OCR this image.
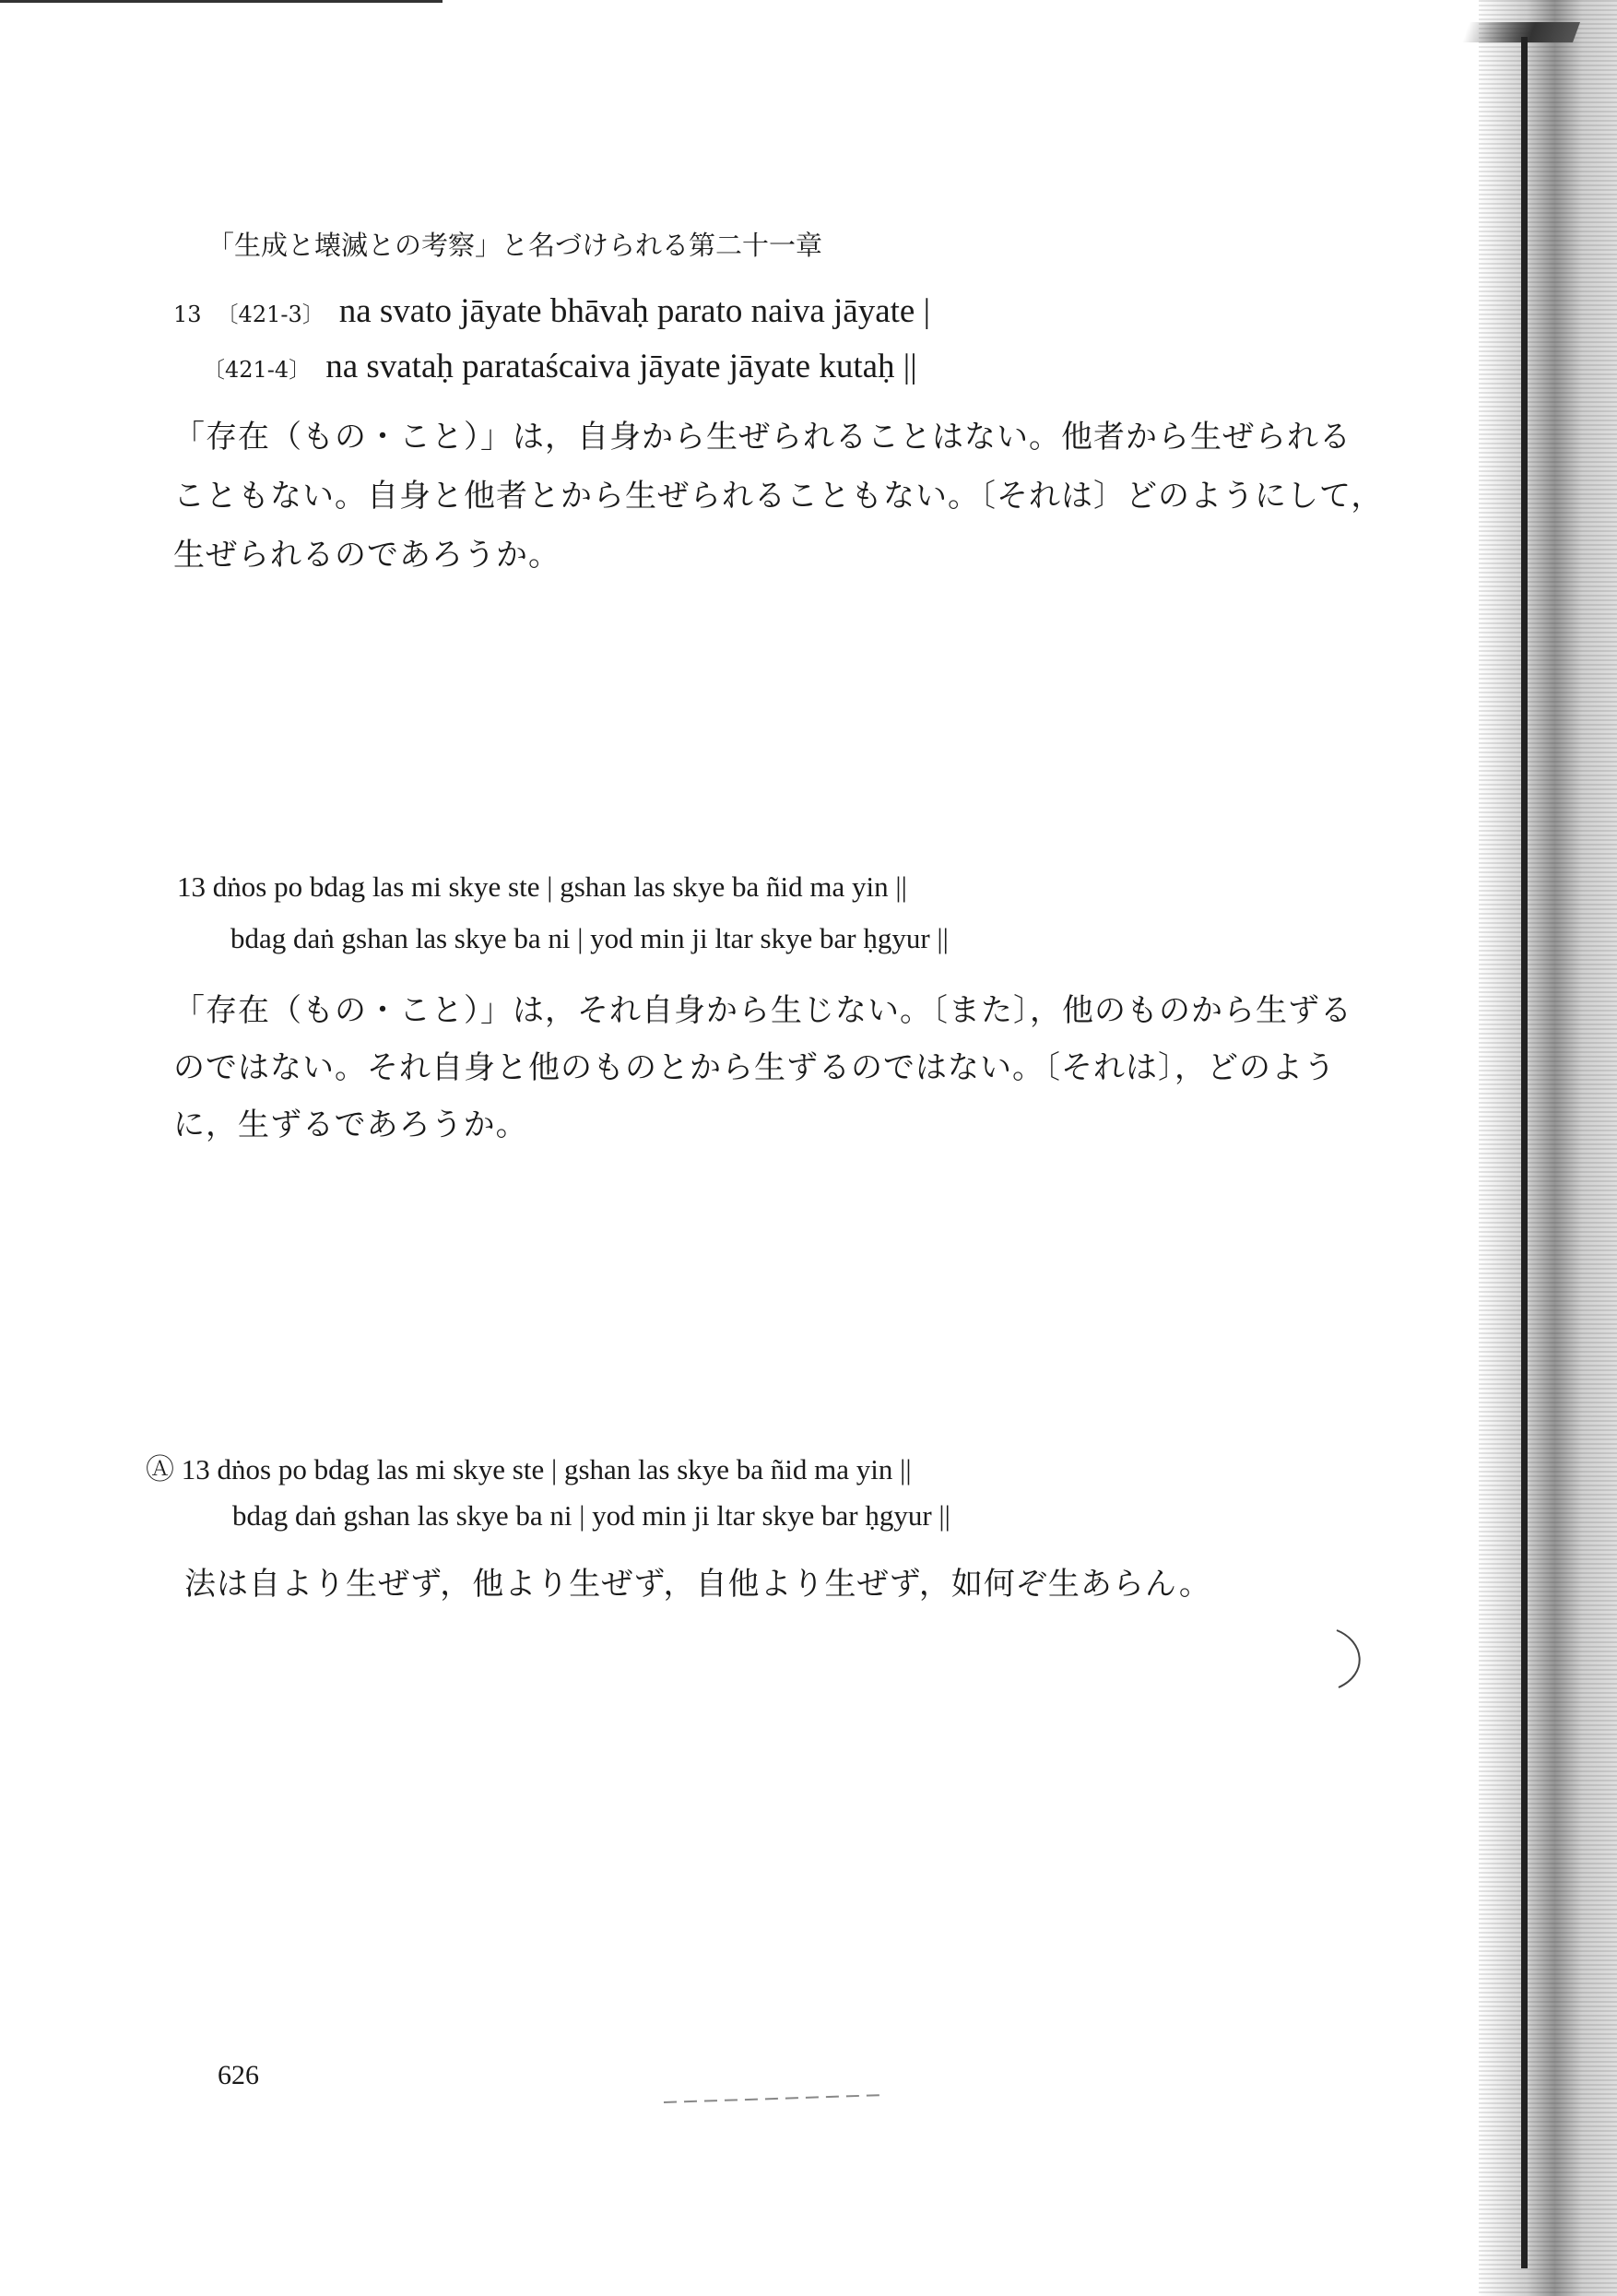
「生成と壊滅との考察」と名づけられる第二十一章
13 〔421-3〕 na svato jāyate bhāvaḥ parato naiva jāyate |
〔421-4〕 na svataḥ parataścaiva jāyate jāyate kutaḥ ||
「存在（もの・こと）」は，自身から生ぜられることはない。他者から生ぜられる
こともない。自身と他者とから生ぜられることもない。〔それは〕どのようにして，
生ぜられるのであろうか。
13 dṅos po bdag las mi skye ste | gshan las skye ba ñid ma yin ||
bdag daṅ gshan las skye ba ni | yod min ji ltar skye bar ḥgyur ||
「存在（もの・こと）」は，それ自身から生じない。〔また〕，他のものから生ずる
のではない。それ自身と他のものとから生ずるのではない。〔それは〕，どのよう
に，生ずるであろうか。
Ⓐ 13 dṅos po bdag las mi skye ste | gshan las skye ba ñid ma yin ||
bdag daṅ gshan las skye ba ni | yod min ji ltar skye bar ḥgyur ||
法は自より生ぜず，他より生ぜず，自他より生ぜず，如何ぞ生あらん。
626
